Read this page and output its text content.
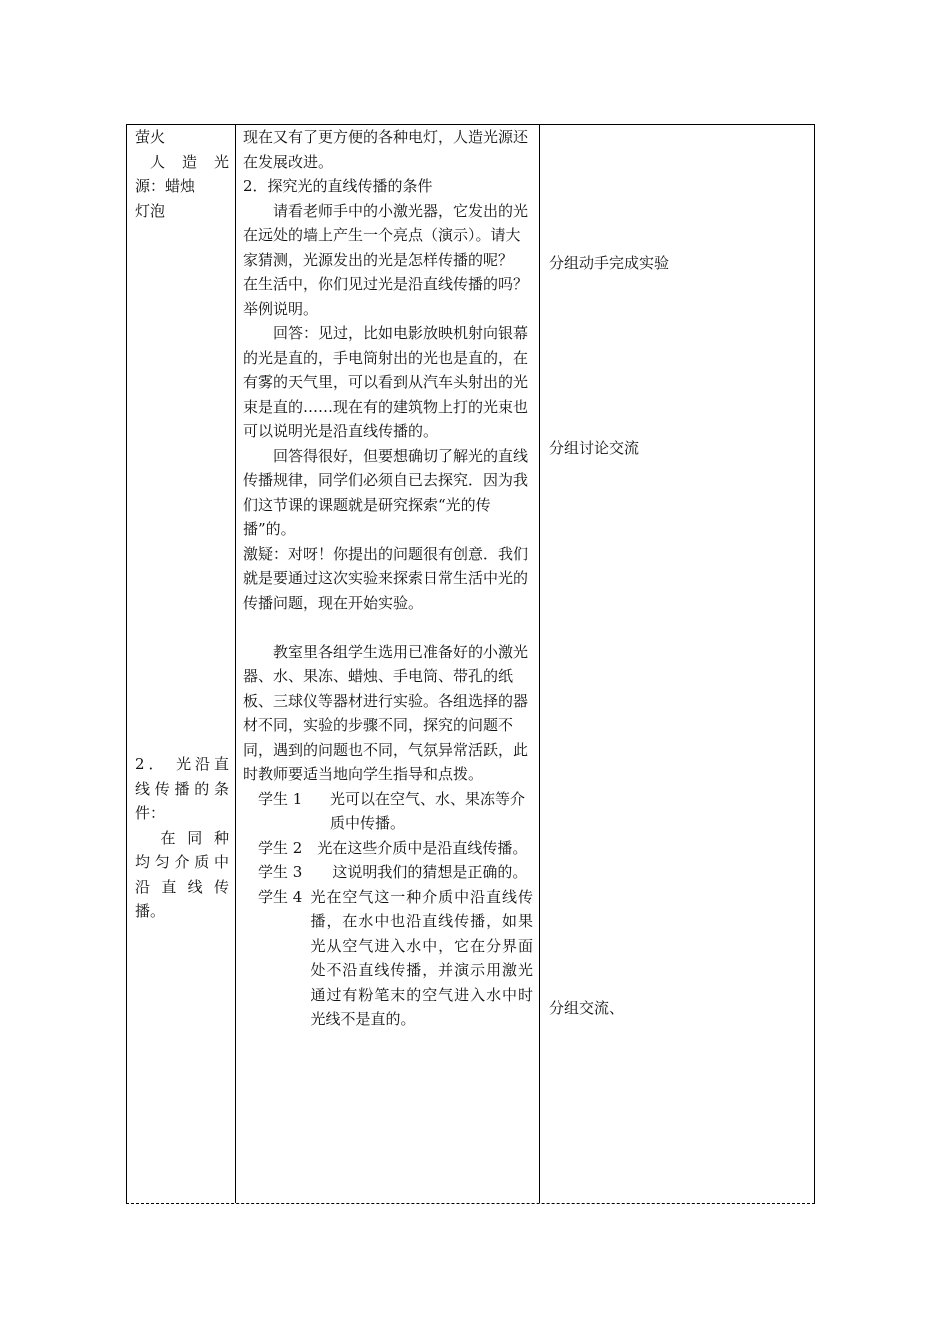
萤火

人造光

源：蜡烛

灯泡

2． 光沿直

线传播的条

件：

在同种

均匀介质中

沿直线传

播。

现在又有了更方便的各种电灯，人造光源还在发展改进。

2．探究光的直线传播的条件

请看老师手中的小激光器，它发出的光在远处的墙上产生一个亮点（演示）。请大家猜测，光源发出的光是怎样传播的呢？

在生活中，你们见过光是沿直线传播的吗？举例说明。

回答：见过，比如电影放映机射向银幕的光是直的，手电筒射出的光也是直的，在有雾的天气里，可以看到从汽车头射出的光束是直的……现在有的建筑物上打的光束也可以说明光是沿直线传播的。

回答得很好，但要想确切了解光的直线传播规律，同学们必须自已去探究．因为我们这节课的课题就是研究探索“光的传播”的。

激疑：对呀！你提出的问题很有创意．我们就是要通过这次实验来探索日常生活中光的传播问题，现在开始实验。

教室里各组学生选用已准备好的小激光器、水、果冻、蜡烛、手电筒、带孔的纸板、三球仪等器材进行实验。各组选择的器材不同，实验的步骤不同，探究的问题不同，遇到的问题也不同，气氛异常活跃，此时教师要适当地向学生指导和点拨。

学生 1	光可以在空气、水、果冻等介质中传播。
学生 2 光在这些介质中是沿直线传播。
学生 3 这说明我们的猜想是正确的。
学生 4 光在空气这一种介质中沿直线传播，在水中也沿直线传播，如果光从空气进入水中，它在分界面处不沿直线传播，并演示用激光通过有粉笔末的空气进入水中时光线不是直的。

分组动手完成实验

分组讨论交流

分组交流、
